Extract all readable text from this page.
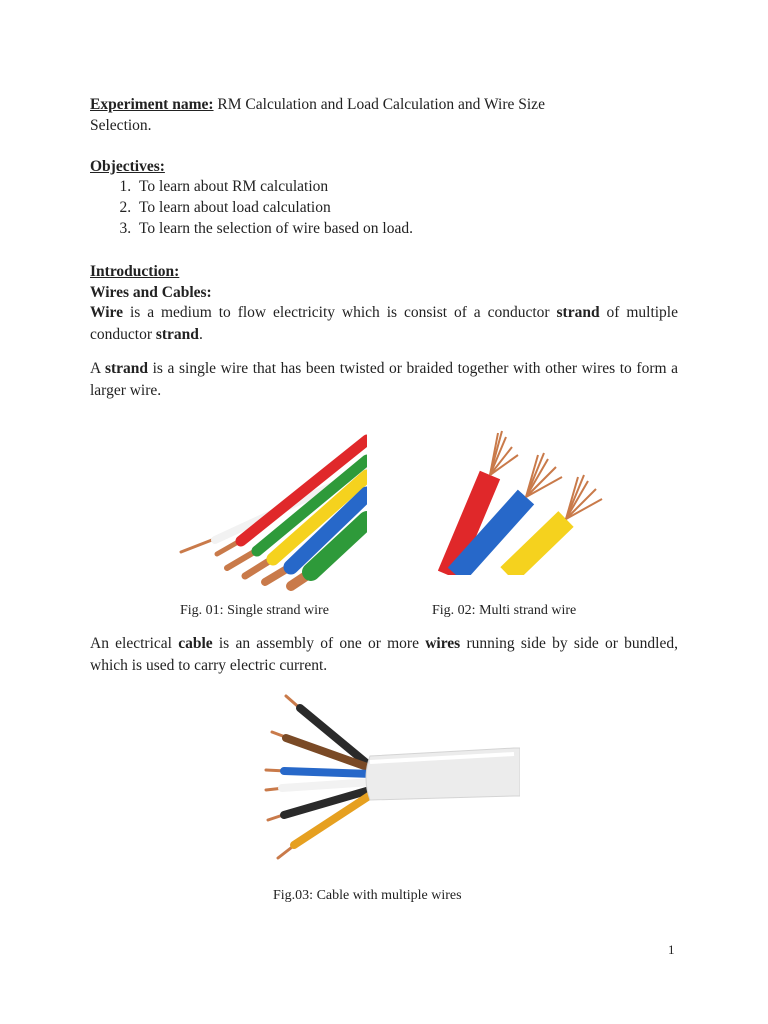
Experiment name: RM Calculation and Load Calculation and Wire Size
Selection.
Objectives:
1. To learn about RM calculation
2. To learn about load calculation
3. To learn the selection of wire based on load.
Introduction:
Wires and Cables:
Wire is a medium to flow electricity which is consist of a conductor strand of multiple conductor strand.
A strand is a single wire that has been twisted or braided together with other wires to form a larger wire.
Fig. 01: Single strand wire	Fig. 02: Multi strand wire
An electrical cable is an assembly of one or more wires running side by side or bundled, which is used to carry electric current.
Fig.03: Cable with multiple wires
1
